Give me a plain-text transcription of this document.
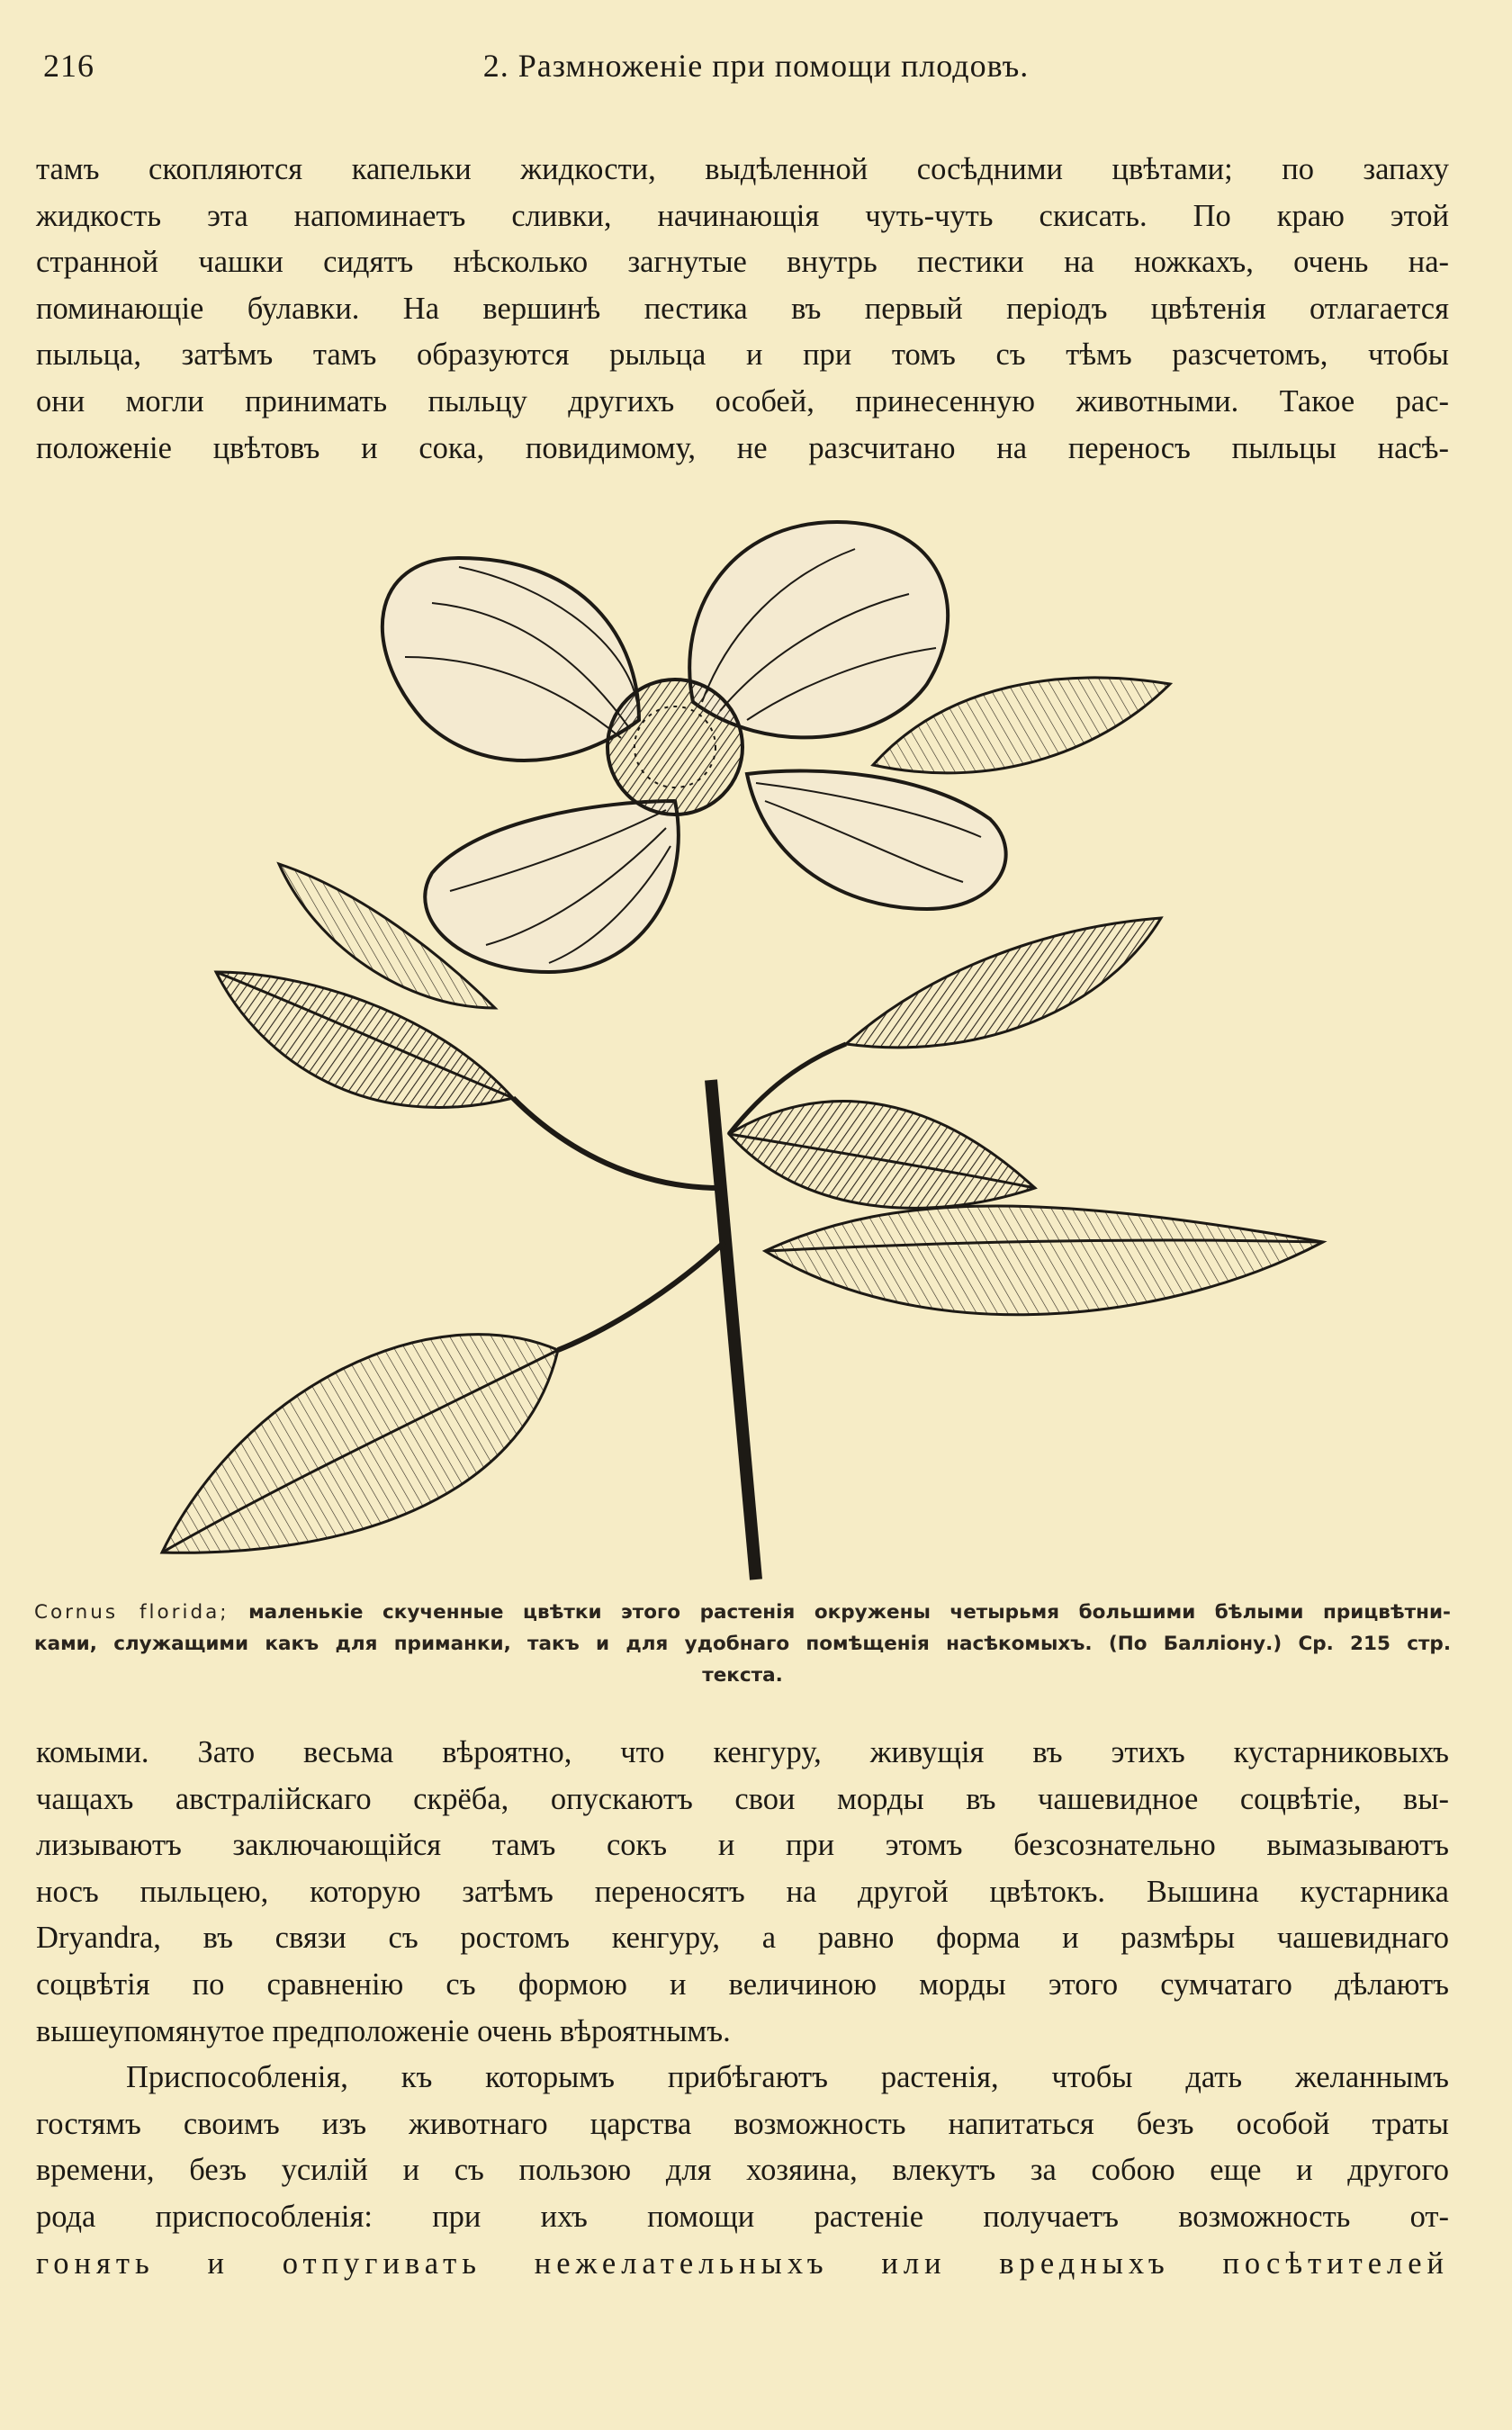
216	2. Размноженіе при помощи плодовъ.
тамъ скопляются капельки жидкости, выдѣленной сосѣдними цвѣтами; по запаху
жидкость эта напоминаетъ сливки, начинающія чуть-чуть скисать. По краю этой
странной чашки сидятъ нѣсколько загнутые внутрь пестики на ножкахъ, очень на-
поминающіе булавки. На вершинѣ пестика въ первый періодъ цвѣтенія отлагается
пыльца, затѣмъ тамъ образуются рыльца и при томъ съ тѣмъ разсчетомъ, чтобы
они могли принимать пыльцу другихъ особей, принесенную животными. Такое рас-
положеніе цвѣтовъ и сока, повидимому, не разсчитано на переносъ пыльцы насѣ-
Cornus florida; маленькіе скученные цвѣтки этого растенія окружены четырьмя большими бѣлыми прицвѣтни-
ками, служащими какъ для приманки, такъ и для удобнаго помѣщенія насѣкомыхъ. (По Балліону.) Ср. 215 стр.
текста.
комыми. Зато весьма вѣроятно, что кенгуру, живущія въ этихъ кустарниковыхъ
чащахъ австралійскаго скрёба, опускаютъ свои морды въ чашевидное соцвѣтіе, вы-
лизываютъ заключающійся тамъ сокъ и при этомъ безсознательно вымазываютъ
носъ пыльцею, которую затѣмъ переносятъ на другой цвѣтокъ. Вышина кустарника
Dryandra, въ связи съ ростомъ кенгуру, а равно форма и размѣры чашевиднаго
соцвѣтія по сравненію съ формою и величиною морды этого сумчатаго дѣлаютъ
вышеупомянутое предположеніе очень вѣроятнымъ.
Приспособленія, къ которымъ прибѣгаютъ растенія, чтобы дать желаннымъ
гостямъ своимъ изъ животнаго царства возможность напитаться безъ особой траты
времени, безъ усилій и съ пользою для хозяина, влекутъ за собою еще и другого
рода приспособленія: при ихъ помощи растеніе получаетъ возможность от-
гонять и отпугивать нежелательныхъ или вредныхъ посѣтителей
